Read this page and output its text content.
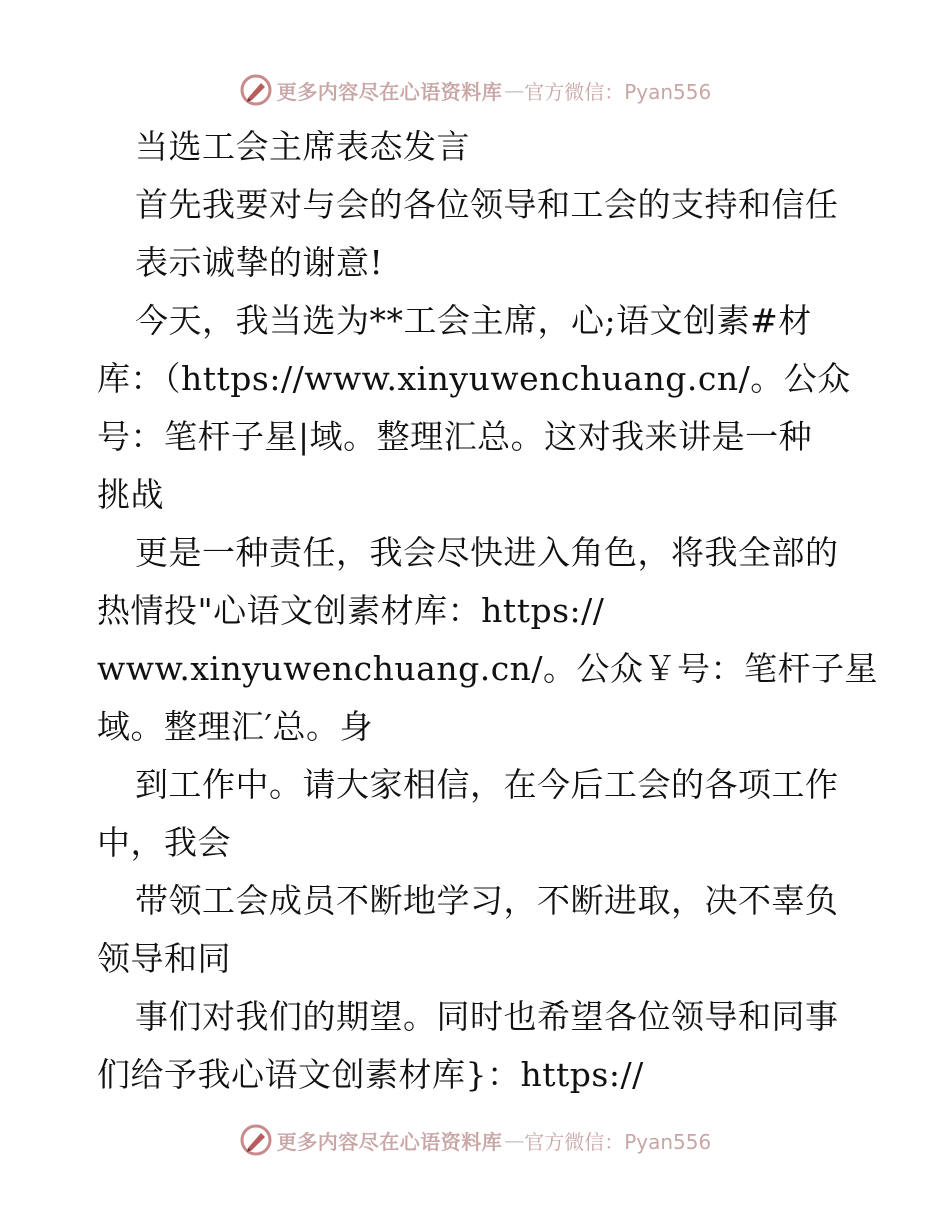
更多内容尽在心语资料库 — 官方微信：Pyan556
当选工会主席表态发言
首先我要对与会的各位领导和工会的支持和信任
表示诚挚的谢意!
今天，我当选为**工会主席，心;语文创素#材
库：（https://www.xinyuwenchuang.cn/。公众
号：笔杆子星|域。整理汇总。这对我来讲是一种
挑战
更是一种责任，我会尽快进入角色，将我全部的
热情投"心语文创素材库：https://
www.xinyuwenchuang.cn/。公众￥号：笔杆子星
域。整理汇′总。身
到工作中。请大家相信，在今后工会的各项工作
中，我会
带领工会成员不断地学习，不断进取，决不辜负
领导和同
事们对我们的期望。同时也希望各位领导和同事
们给予我心语文创素材库}：https://
更多内容尽在心语资料库 — 官方微信：Pyan556
